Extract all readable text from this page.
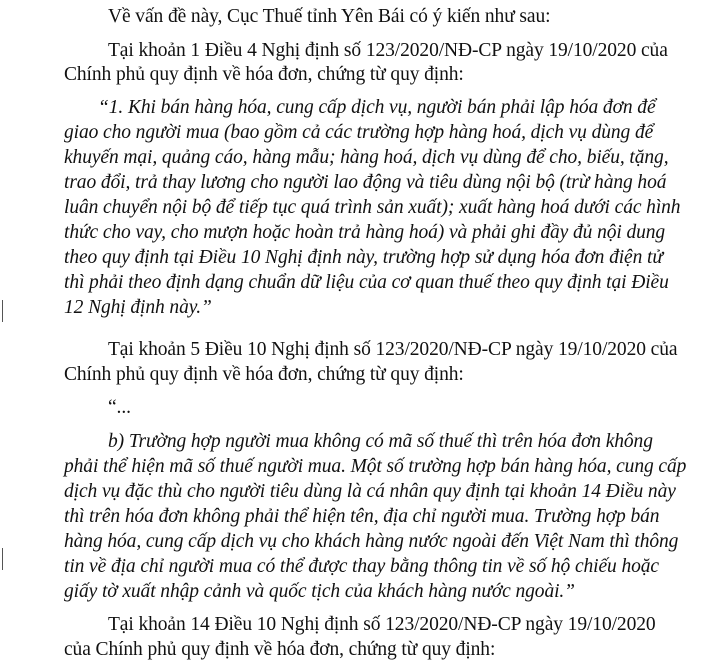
Về vấn đề này, Cục Thuế tỉnh Yên Bái có ý kiến như sau:
Tại khoản 1 Điều 4 Nghị định số 123/2020/NĐ-CP ngày 19/10/2020 của
Chính phủ quy định về hóa đơn, chứng từ quy định:
“1. Khi bán hàng hóa, cung cấp dịch vụ, người bán phải lập hóa đơn để
giao cho người mua (bao gồm cả các trường hợp hàng hoá, dịch vụ dùng để
khuyến mại, quảng cáo, hàng mẫu; hàng hoá, dịch vụ dùng để cho, biếu, tặng,
trao đổi, trả thay lương cho người lao động và tiêu dùng nội bộ (trừ hàng hoá
luân chuyển nội bộ để tiếp tục quá trình sản xuất); xuất hàng hoá dưới các hình
thức cho vay, cho mượn hoặc hoàn trả hàng hoá) và phải ghi đầy đủ nội dung
theo quy định tại Điều 10 Nghị định này, trường hợp sử dụng hóa đơn điện tử
thì phải theo định dạng chuẩn dữ liệu của cơ quan thuế theo quy định tại Điều
12 Nghị định này.”
Tại khoản 5 Điều 10 Nghị định số 123/2020/NĐ-CP ngày 19/10/2020 của
Chính phủ quy định về hóa đơn, chứng từ quy định:
“...
b) Trường hợp người mua không có mã số thuế thì trên hóa đơn không
phải thể hiện mã số thuế người mua. Một số trường hợp bán hàng hóa, cung cấp
dịch vụ đặc thù cho người tiêu dùng là cá nhân quy định tại khoản 14 Điều này
thì trên hóa đơn không phải thể hiện tên, địa chỉ người mua. Trường hợp bán
hàng hóa, cung cấp dịch vụ cho khách hàng nước ngoài đến Việt Nam thì thông
tin về địa chỉ người mua có thể được thay bằng thông tin về số hộ chiếu hoặc
giấy tờ xuất nhập cảnh và quốc tịch của khách hàng nước ngoài.”
Tại khoản 14 Điều 10 Nghị định số 123/2020/NĐ-CP ngày 19/10/2020
của Chính phủ quy định về hóa đơn, chứng từ quy định:
